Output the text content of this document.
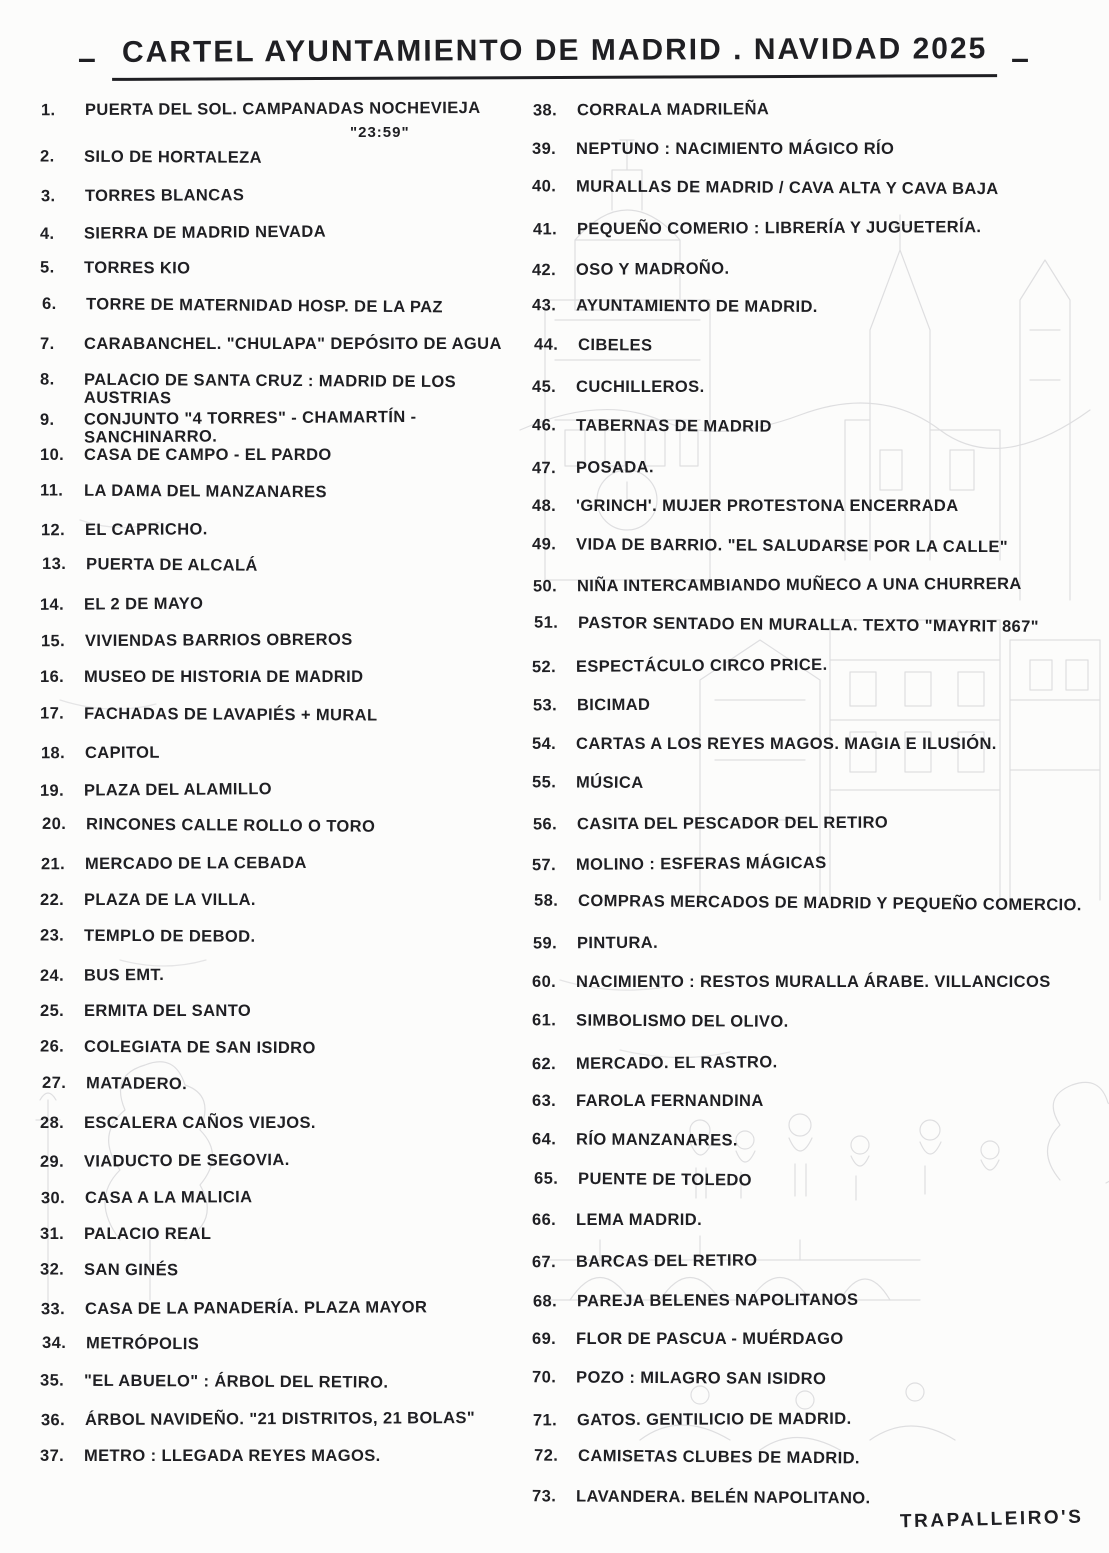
– CARTEL AYUNTAMIENTO DE MADRID . NAVIDAD 2025 –
1.	PUERTA DEL SOL. CAMPANADAS NOCHEVIEJA
"23:59"
2.	SILO DE HORTALEZA
3.	TORRES BLANCAS
4.	SIERRA DE MADRID NEVADA
5.	TORRES KIO
6.	TORRE DE MATERNIDAD HOSP. DE LA PAZ
7.	CARABANCHEL. "CHULAPA" DEPÓSITO DE AGUA
8.	PALACIO DE SANTA CRUZ : MADRID DE LOS AUSTRIAS
9.	CONJUNTO "4 TORRES" - CHAMARTÍN - SANCHINARRO.
10.	CASA DE CAMPO - EL PARDO
11.	LA DAMA DEL MANZANARES
12.	EL CAPRICHO.
13.	PUERTA DE ALCALÁ
14.	EL 2 DE MAYO
15.	VIVIENDAS BARRIOS OBREROS
16.	MUSEO DE HISTORIA DE MADRID
17.	FACHADAS DE LAVAPIÉS + MURAL
18.	CAPITOL
19.	PLAZA DEL ALAMILLO
20.	RINCONES CALLE ROLLO O TORO
21.	MERCADO DE LA CEBADA
22.	PLAZA DE LA VILLA.
23.	TEMPLO DE DEBOD.
24.	BUS EMT.
25.	ERMITA DEL SANTO
26.	COLEGIATA DE SAN ISIDRO
27.	MATADERO.
28.	ESCALERA CAÑOS VIEJOS.
29.	VIADUCTO DE SEGOVIA.
30.	CASA A LA MALICIA
31.	PALACIO REAL
32.	SAN GINÉS
33.	CASA DE LA PANADERÍA. PLAZA MAYOR
34.	METRÓPOLIS
35.	"EL ABUELO" : ÁRBOL DEL RETIRO.
36.	ÁRBOL NAVIDEÑO. "21 DISTRITOS, 21 BOLAS"
37.	METRO : LLEGADA REYES MAGOS.
38.	CORRALA MADRILEÑA
39.	NEPTUNO : NACIMIENTO MÁGICO RÍO
40.	MURALLAS DE MADRID / CAVA ALTA Y CAVA BAJA
41.	PEQUEÑO COMERIO : LIBRERÍA Y JUGUETERÍA.
42.	OSO Y MADROÑO.
43.	AYUNTAMIENTO DE MADRID.
44.	CIBELES
45.	CUCHILLEROS.
46.	TABERNAS DE MADRID
47.	POSADA.
48.	'GRINCH'. MUJER PROTESTONA ENCERRADA
49.	VIDA DE BARRIO. "EL SALUDARSE POR LA CALLE"
50.	NIÑA INTERCAMBIANDO MUÑECO A UNA CHURRERA
51.	PASTOR SENTADO EN MURALLA. TEXTO "MAYRIT 867"
52.	ESPECTÁCULO CIRCO PRICE.
53.	BICIMAD
54.	CARTAS A LOS REYES MAGOS. MAGIA E ILUSIÓN.
55.	MÚSICA
56.	CASITA DEL PESCADOR DEL RETIRO
57.	MOLINO : ESFERAS MÁGICAS
58.	COMPRAS MERCADOS DE MADRID Y PEQUEÑO COMERCIO.
59.	PINTURA.
60.	NACIMIENTO : RESTOS MURALLA ÁRABE. VILLANCICOS
61.	SIMBOLISMO DEL OLIVO.
62.	MERCADO. EL RASTRO.
63.	FAROLA FERNANDINA
64.	RÍO MANZANARES.
65.	PUENTE DE TOLEDO
66.	LEMA MADRID.
67.	BARCAS DEL RETIRO
68.	PAREJA BELENES NAPOLITANOS
69.	FLOR DE PASCUA - MUÉRDAGO
70.	POZO : MILAGRO SAN ISIDRO
71.	GATOS. GENTILICIO DE MADRID.
72.	CAMISETAS CLUBES DE MADRID.
73.	LAVANDERA. BELÉN NAPOLITANO.
TRAPALLEIRO'S
